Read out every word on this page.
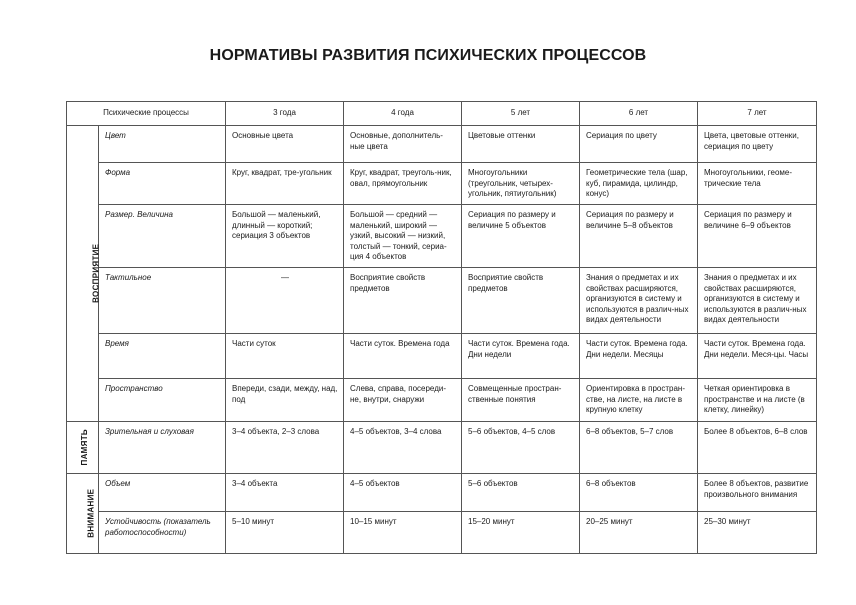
НОРМАТИВЫ РАЗВИТИЯ ПСИХИЧЕСКИХ ПРОЦЕССОВ
Психические процессы		3 года	4 года	5 лет	6 лет	7 лет
ВОСПРИЯТИЕ	Цвет	Основные цвета	Основные, дополнитель-ные цвета	Цветовые оттенки	Сериация по цвету	Цвета, цветовые оттенки, сериация по цвету
	Форма	Круг, квадрат, тре-угольник	Круг, квадрат, треуголь-ник, овал, прямоугольник	Многоугольники (треугольник, четырех-угольник, пятиугольник)	Геометрические тела (шар, куб, пирамида, цилиндр, конус)	Многоугольники, геоме-трические тела
	Размер. Величина	Большой — маленький, длинный — короткий; сериация 3 объектов	Большой — средний — маленький, широкий — узкий, высокий — низкий, толстый — тонкий, сериа-ция 4 объектов	Сериация по размеру и величине 5 объектов	Сериация по размеру и величине 5–8 объектов	Сериация по размеру и величине 6–9 объектов
	Тактильное	—	Восприятие свойств предметов	Восприятие свойств предметов	Знания о предметах и их свойствах расширяются, организуются в систему и используются в различ-ных видах деятельности	Знания о предметах и их свойствах расширяются, организуются в систему и используются в различ-ных видах деятельности
	Время	Части суток	Части суток. Времена года	Части суток. Времена года. Дни недели	Части суток. Времена года. Дни недели. Месяцы	Части суток. Времена года. Дни недели. Меся-цы. Часы
	Пространство	Впереди, сзади, между, над, под	Слева, справа, посереди-не, внутри, снаружи	Совмещенные простран-ственные понятия	Ориентировка в простран-стве, на листе, на листе в крупную клетку	Четкая ориентировка в пространстве и на листе (в клетку, линейку)
ПАМЯТЬ	Зрительная и слуховая	3–4 объекта, 2–3 слова	4–5 объектов, 3–4 слова	5–6 объектов, 4–5 слов	6–8 объектов, 5–7 слов	Более 8 объектов, 6–8 слов
ВНИМАНИЕ	Объем	3–4 объекта	4–5 объектов	5–6 объектов	6–8 объектов	Более 8 объектов, развитие произвольного внимания
	Устойчивость (показатель работоспособности)	5–10 минут	10–15 минут	15–20 минут	20–25 минут	25–30 минут
